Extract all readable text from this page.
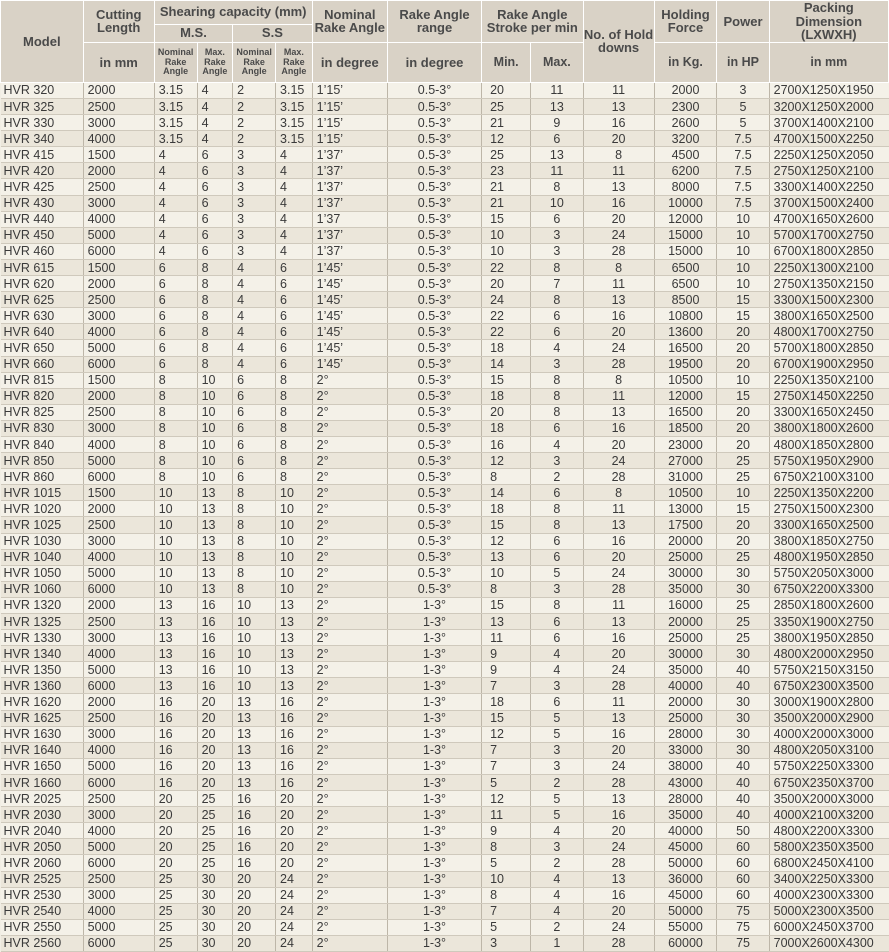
Model	Cutting Length	Shearing capacity (mm)				Nominal Rake Angle	Rake Angle range	Rake Angle Stroke per min		No. of Hold downs	Holding Force	Power	Packing Dimension (LXWXH)
		M.S.		S.S									
	in mm	Nominal Rake Angle	Max. Rake Angle	Nominal Rake Angle	Max. Rake Angle	in degree	in degree	Min.	Max.		in Kg.	in HP	in mm
HVR 320	2000	3.15	4	2	3.15	1’15’	0.5-3°	20	11	11	2000	3	2700X1250X1950
HVR 325	2500	3.15	4	2	3.15	1’15’	0.5-3°	25	13	13	2300	5	3200X1250X2000
HVR 330	3000	3.15	4	2	3.15	1’15’	0.5-3°	21	9	16	2600	5	3700X1400X2100
HVR 340	4000	3.15	4	2	3.15	1’15’	0.5-3°	12	6	20	3200	7.5	4700X1500X2250
HVR 415	1500	4	6	3	4	1’37’	0.5-3°	25	13	8	4500	7.5	2250X1250X2050
HVR 420	2000	4	6	3	4	1’37’	0.5-3°	23	11	11	6200	7.5	2750X1250X2100
HVR 425	2500	4	6	3	4	1’37’	0.5-3°	21	8	13	8000	7.5	3300X1400X2250
HVR 430	3000	4	6	3	4	1’37’	0.5-3°	21	10	16	10000	7.5	3700X1500X2400
HVR 440	4000	4	6	3	4	1’37	0.5-3°	15	6	20	12000	10	4700X1650X2600
HVR 450	5000	4	6	3	4	1’37’	0.5-3°	10	3	24	15000	10	5700X1700X2750
HVR 460	6000	4	6	3	4	1’37’	0.5-3°	10	3	28	15000	10	6700X1800X2850
HVR 615	1500	6	8	4	6	1’45’	0.5-3°	22	8	8	6500	10	2250X1300X2100
HVR 620	2000	6	8	4	6	1’45’	0.5-3°	20	7	11	6500	10	2750X1350X2150
HVR 625	2500	6	8	4	6	1’45’	0.5-3°	24	8	13	8500	15	3300X1500X2300
HVR 630	3000	6	8	4	6	1’45’	0.5-3°	22	6	16	10800	15	3800X1650X2500
HVR 640	4000	6	8	4	6	1’45’	0.5-3°	22	6	20	13600	20	4800X1700X2750
HVR 650	5000	6	8	4	6	1’45’	0.5-3°	18	4	24	16500	20	5700X1800X2850
HVR 660	6000	6	8	4	6	1’45’	0.5-3°	14	3	28	19500	20	6700X1900X2950
HVR 815	1500	8	10	6	8	2°	0.5-3°	15	8	8	10500	10	2250X1350X2100
HVR 820	2000	8	10	6	8	2°	0.5-3°	18	8	11	12000	15	2750X1450X2250
HVR 825	2500	8	10	6	8	2°	0.5-3°	20	8	13	16500	20	3300X1650X2450
HVR 830	3000	8	10	6	8	2°	0.5-3°	18	6	16	18500	20	3800X1800X2600
HVR 840	4000	8	10	6	8	2°	0.5-3°	16	4	20	23000	20	4800X1850X2800
HVR 850	5000	8	10	6	8	2°	0.5-3°	12	3	24	27000	25	5750X1950X2900
HVR 860	6000	8	10	6	8	2°	0.5-3°	8	2	28	31000	25	6750X2100X3100
HVR 1015	1500	10	13	8	10	2°	0.5-3°	14	6	8	10500	10	2250X1350X2200
HVR 1020	2000	10	13	8	10	2°	0.5-3°	18	8	11	13000	15	2750X1500X2300
HVR 1025	2500	10	13	8	10	2°	0.5-3°	15	8	13	17500	20	3300X1650X2500
HVR 1030	3000	10	13	8	10	2°	0.5-3°	12	6	16	20000	20	3800X1850X2750
HVR 1040	4000	10	13	8	10	2°	0.5-3°	13	6	20	25000	25	4800X1950X2850
HVR 1050	5000	10	13	8	10	2°	0.5-3°	10	5	24	30000	30	5750X2050X3000
HVR 1060	6000	10	13	8	10	2°	0.5-3°	8	3	28	35000	30	6750X2200X3300
HVR 1320	2000	13	16	10	13	2°	1-3°	15	8	11	16000	25	2850X1800X2600
HVR 1325	2500	13	16	10	13	2°	1-3°	13	6	13	20000	25	3350X1900X2750
HVR 1330	3000	13	16	10	13	2°	1-3°	11	6	16	25000	25	3800X1950X2850
HVR 1340	4000	13	16	10	13	2°	1-3°	9	4	20	30000	30	4800X2000X2950
HVR 1350	5000	13	16	10	13	2°	1-3°	9	4	24	35000	40	5750X2150X3150
HVR 1360	6000	13	16	10	13	2°	1-3°	7	3	28	40000	40	6750X2300X3500
HVR 1620	2000	16	20	13	16	2°	1-3°	18	6	11	20000	30	3000X1900X2800
HVR 1625	2500	16	20	13	16	2°	1-3°	15	5	13	25000	30	3500X2000X2900
HVR 1630	3000	16	20	13	16	2°	1-3°	12	5	16	28000	30	4000X2000X3000
HVR 1640	4000	16	20	13	16	2°	1-3°	7	3	20	33000	30	4800X2050X3100
HVR 1650	5000	16	20	13	16	2°	1-3°	7	3	24	38000	40	5750X2250X3300
HVR 1660	6000	16	20	13	16	2°	1-3°	5	2	28	43000	40	6750X2350X3700
HVR 2025	2500	20	25	16	20	2°	1-3°	12	5	13	28000	40	3500X2000X3000
HVR 2030	3000	20	25	16	20	2°	1-3°	11	5	16	35000	40	4000X2100X3200
HVR 2040	4000	20	25	16	20	2°	1-3°	9	4	20	40000	50	4800X2200X3300
HVR 2050	5000	20	25	16	20	2°	1-3°	8	3	24	45000	60	5800X2350X3500
HVR 2060	6000	20	25	16	20	2°	1-3°	5	2	28	50000	60	6800X2450X4100
HVR 2525	2500	25	30	20	24	2°	1-3°	10	4	13	36000	60	3400X2250X3300
HVR 2530	3000	25	30	20	24	2°	1-3°	8	4	16	45000	60	4000X2300X3300
HVR 2540	4000	25	30	20	24	2°	1-3°	7	4	20	50000	75	5000X2300X3500
HVR 2550	5000	25	30	20	24	2°	1-3°	5	2	24	55000	75	6000X2450X3700
HVR 2560	6000	25	30	20	24	2°	1-3°	3	1	28	60000	75	7000X2600X4300
